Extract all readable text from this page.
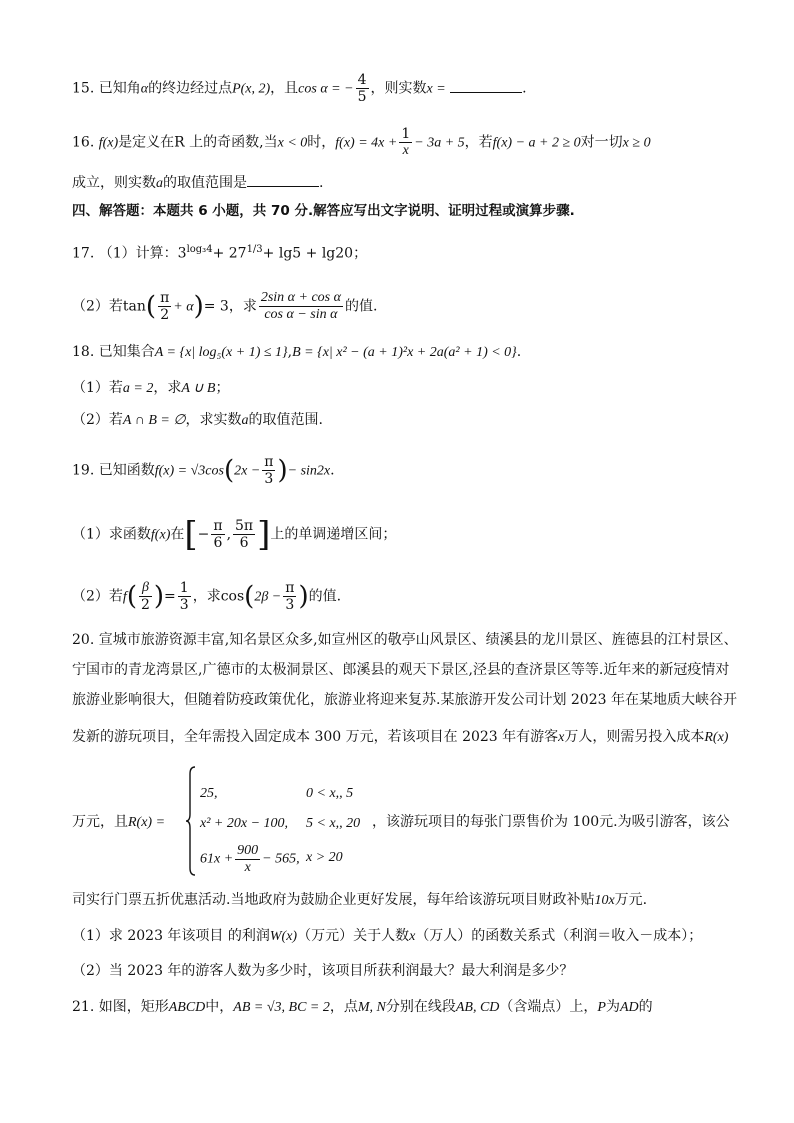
15. 已知角α的终边经过点P(x, 2)，且cos α = − $\frac{4}{5}$ ，则实数x =	.
16. f(x)是定义在R 上的奇函数,当x < 0时，$f(x) = 4x + \frac{1}{x} - 3a + 5$，若f(x) − a + 2 ≥ 0对一切x ≥ 0
成立，则实数a的取值范围是	.
四、解答题：本题共 6 小题，共 70 分.解答应写出文字说明、证明过程或演算步骤.
17. （1）计算：$3^{log_34}+ 27^{1/3}+ \lg 5 + \lg 20$；
（2）若$\tan( \frac{\pi}{2} + \alpha)= 3$，求 $\frac{\text{2sin α + cos α}}{\text{cos α − sin α}}$ 的值.
18. 已知集合A = {x| log₅(x + 1) ≤ 1},B = {x| x² − (a + 1)²x + 2a(a² + 1) < 0}.
（1）若a = 2，求A ∪ B；
（2）若A ∩ B = ∅，求实数a的取值范围.
19. 已知函数$f(x) = √3\cos(2x - \frac{\pi}{3}$ )− sin2x.
（1）求函数f(x)在[− $\frac{\pi}{6}$ , $\frac{5\pi}{6}$ ]上的单调递增区间；
（2）若$f( \frac{\beta}{2}$ )= $\frac{1}{3}$ ，求$\cos(2\beta - \frac{\pi}{3}$ )的值.
20. 宣城市旅游资源丰富,知名景区众多,如宣州区的敬亭山风景区、绩溪县的龙川景区、旌德县的江村景区、
宁国市的青龙湾景区,广德市的太极洞景区、郎溪县的观天下景区,泾县的查济景区等等.近年来的新冠疫情对
旅游业影响很大，但随着防疫政策优化，旅游业将迎来复苏.某旅游开发公司计划 2023 年在某地质大峡谷开
发新的游玩项目，全年需投入固定成本 300 万元，若该项目在 2023 年有游客x万人，则需另投入成本R(x)
万元，且R(x) =
25,	0 < x,, 5
x² + 20x − 100, 5 < x,, 20
$61x + \frac{900}{x} - 565$, x > 20
，该游玩项目的每张门票售价为 100元.为吸引游客，该公
司实行门票五折优惠活动.当地政府为鼓励企业更好发展，每年给该游玩项目财政补贴10x万元.
（1）求 2023 年该项目 的利润W(x)（万元）关于人数x（万人）的函数关系式（利润＝收入－成本）；
（2）当 2023 年的游客人数为多少时，该项目所获利润最大？最大利润是多少？
21. 如图，矩形ABCD中，AB = √3, BC = 2，点M, N分别在线段AB, CD（含端点）上，P为AD的
